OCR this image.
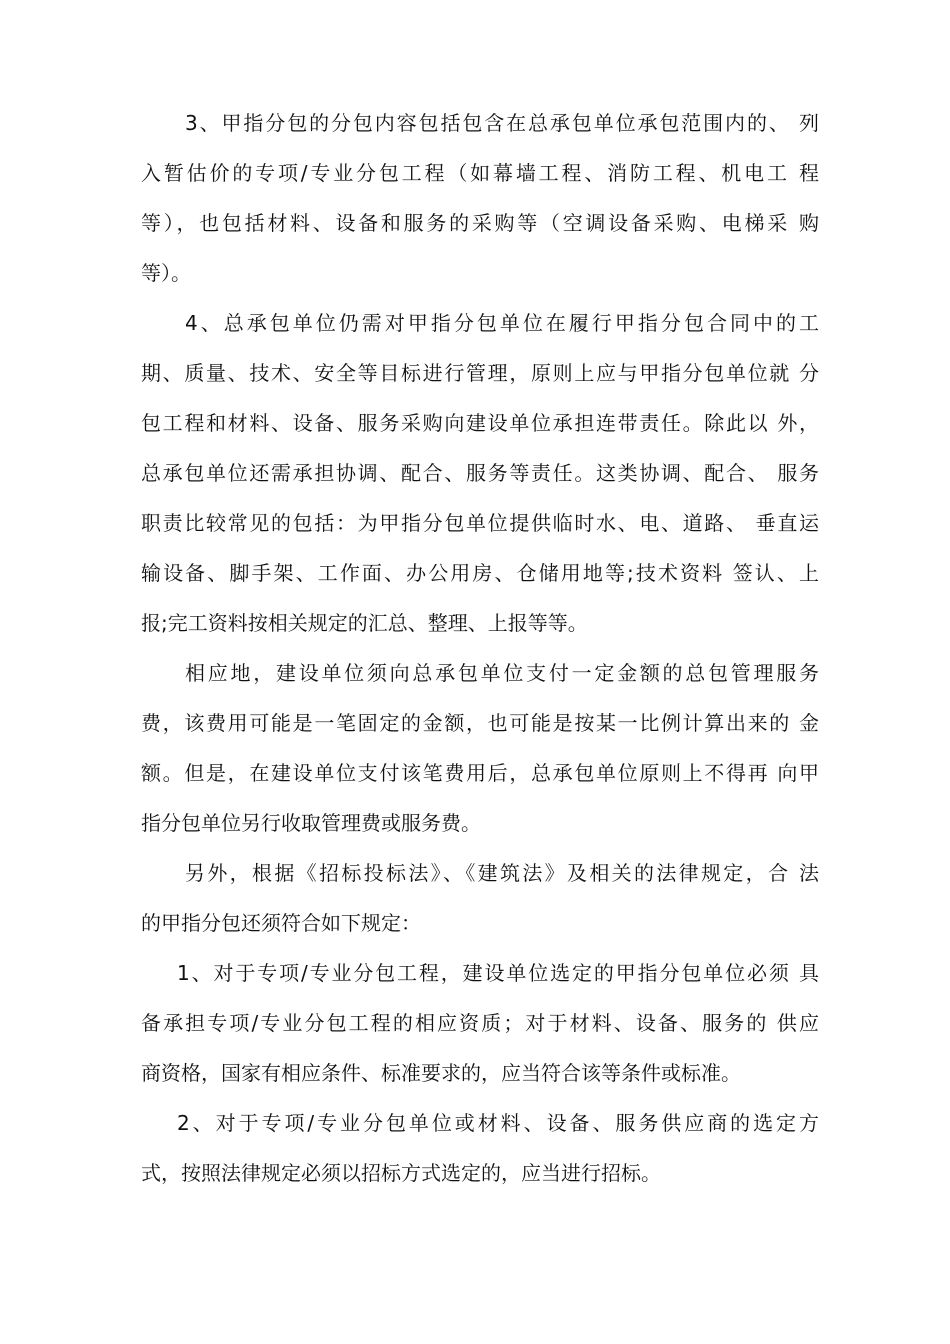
3、甲指分包的分包内容包括包含在总承包单位承包范围内的、 列
入暂估价的专项/专业分包工程（如幕墙工程、消防工程、机电工 程
等），也包括材料、设备和服务的采购等（空调设备采购、电梯采 购
等）。
4、总承包单位仍需对甲指分包单位在履行甲指分包合同中的工
期、质量、技术、安全等目标进行管理，原则上应与甲指分包单位就 分
包工程和材料、设备、服务采购向建设单位承担连带责任。除此以 外，
总承包单位还需承担协调、配合、服务等责任。这类协调、配合、 服务
职责比较常见的包括：为甲指分包单位提供临时水、电、道路、 垂直运
输设备、脚手架、工作面、办公用房、仓储用地等;技术资料 签认、上
报;完工资料按相关规定的汇总、整理、上报等等。
相应地，建设单位须向总承包单位支付一定金额的总包管理服务
费，该费用可能是一笔固定的金额，也可能是按某一比例计算出来的 金
额。但是，在建设单位支付该笔费用后，总承包单位原则上不得再 向甲
指分包单位另行收取管理费或服务费。
另外，根据《招标投标法》、《建筑法》及相关的法律规定，合 法
的甲指分包还须符合如下规定：
1、对于专项/专业分包工程，建设单位选定的甲指分包单位必须 具
备承担专项/专业分包工程的相应资质；对于材料、设备、服务的 供应
商资格，国家有相应条件、标准要求的，应当符合该等条件或标准。
2、对于专项/专业分包单位或材料、设备、服务供应商的选定方
式，按照法律规定必须以招标方式选定的，应当进行招标。
